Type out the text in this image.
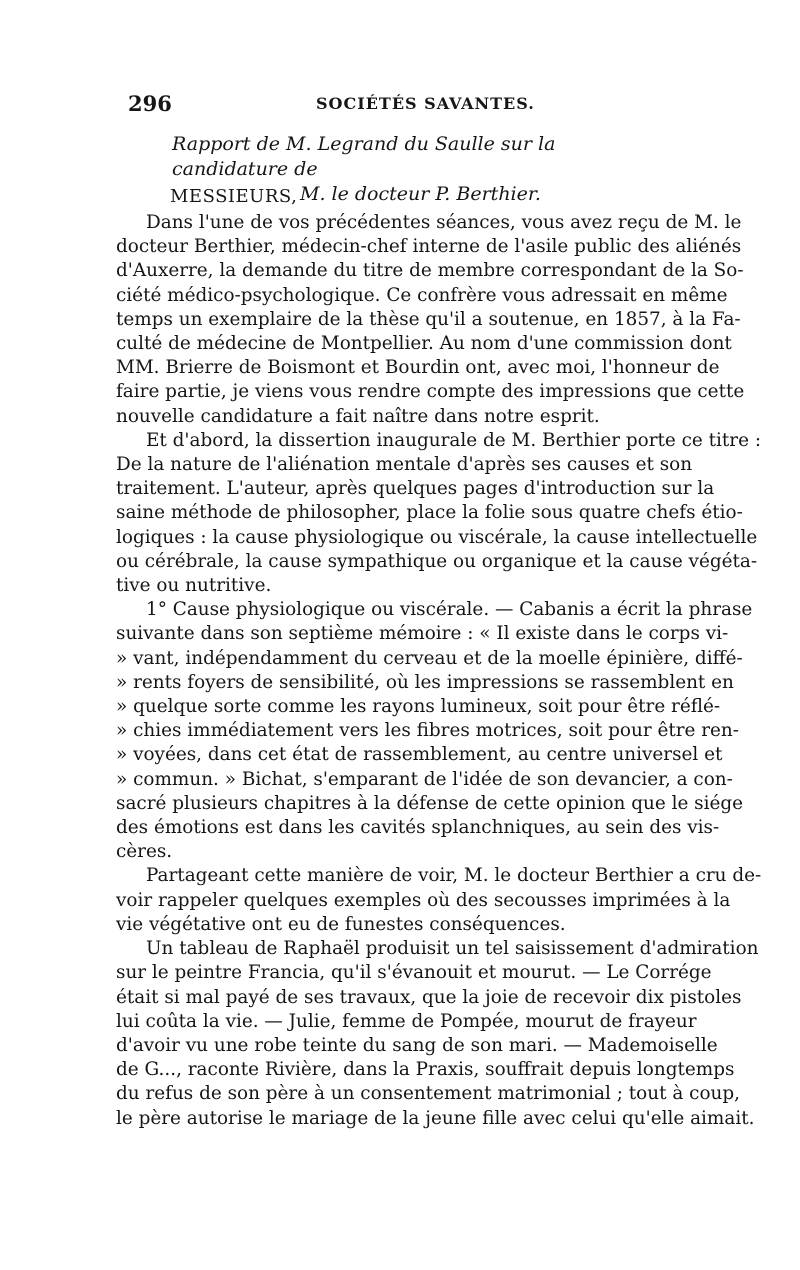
296	SOCIÉTÉS SAVANTES.
Rapport de M. Legrand du Saulle sur la candidature de
M. le docteur P. Berthier.
MESSIEURS,
Dans l'une de vos précédentes séances, vous avez reçu de M. le
docteur Berthier, médecin-chef interne de l'asile public des aliénés
d'Auxerre, la demande du titre de membre correspondant de la So-
ciété médico-psychologique. Ce confrère vous adressait en même
temps un exemplaire de la thèse qu'il a soutenue, en 1857, à la Fa-
culté de médecine de Montpellier. Au nom d'une commission dont
MM. Brierre de Boismont et Bourdin ont, avec moi, l'honneur de
faire partie, je viens vous rendre compte des impressions que cette
nouvelle candidature a fait naître dans notre esprit.
Et d'abord, la dissertion inaugurale de M. Berthier porte ce titre :
De la nature de l'aliénation mentale d'après ses causes et son
traitement. L'auteur, après quelques pages d'introduction sur la
saine méthode de philosopher, place la folie sous quatre chefs étio-
logiques : la cause physiologique ou viscérale, la cause intellectuelle
ou cérébrale, la cause sympathique ou organique et la cause végéta-
tive ou nutritive.
1° Cause physiologique ou viscérale. — Cabanis a écrit la phrase
suivante dans son septième mémoire : « Il existe dans le corps vi-
» vant, indépendamment du cerveau et de la moelle épinière, diffé-
» rents foyers de sensibilité, où les impressions se rassemblent en
» quelque sorte comme les rayons lumineux, soit pour être réflé-
» chies immédiatement vers les fibres motrices, soit pour être ren-
» voyées, dans cet état de rassemblement, au centre universel et
» commun. » Bichat, s'emparant de l'idée de son devancier, a con-
sacré plusieurs chapitres à la défense de cette opinion que le siége
des émotions est dans les cavités splanchniques, au sein des vis-
cères.
Partageant cette manière de voir, M. le docteur Berthier a cru de-
voir rappeler quelques exemples où des secousses imprimées à la
vie végétative ont eu de funestes conséquences.
Un tableau de Raphaël produisit un tel saisissement d'admiration
sur le peintre Francia, qu'il s'évanouit et mourut. — Le Corrége
était si mal payé de ses travaux, que la joie de recevoir dix pistoles
lui coûta la vie. — Julie, femme de Pompée, mourut de frayeur
d'avoir vu une robe teinte du sang de son mari. — Mademoiselle
de G..., raconte Rivière, dans la Praxis, souffrait depuis longtemps
du refus de son père à un consentement matrimonial ; tout à coup,
le père autorise le mariage de la jeune fille avec celui qu'elle aimait.
